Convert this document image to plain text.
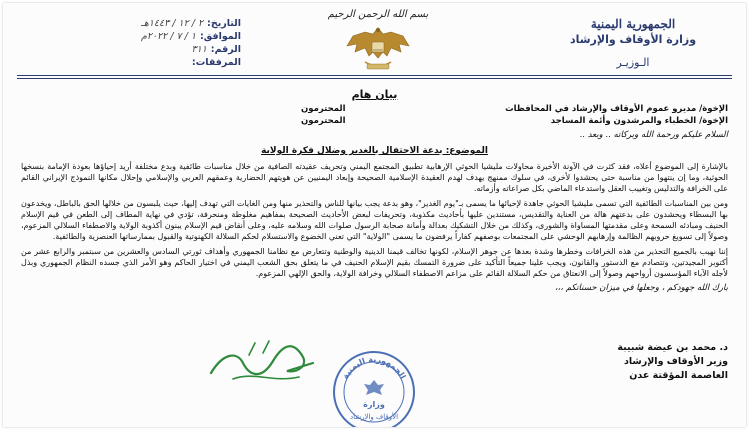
الجمهورية اليمنية
وزارة الأوقاف والإرشاد
الـوزيـر
بسم الله الرحمن الرحيم
التاريخ:
٢ / ١٢ / ١٤٤٣هـ
الموافق:
١ / ٧ / ٢٠٢٢م
الرقم:
٣١١
المرفقات:
بيان هام
الإخوة/ مديرو عموم الأوقاف والإرشاد في المحافظات
المحترمون
الإخوة/ الخطباء والمرشدون وأئمة المساجد
المحترمون
السلام عليكم ورحمة الله وبركاته .. وبعد ..
الموضوع: بدعة الاحتفال بالغدير وضلال فكرة الولاية
بالإشارة إلى الموضوع أعلاه، فقد كثرت في الآونة الأخيرة محاولات مليشيا الحوثي الإرهابية تطبيق المجتمع اليمني وتحريف عقيدته الصافية من خلال مناسبات طائفية وبدع مختلفة أريد إحياؤها بعودة الإمامة بنسخها الحوثية، وما إن ينتهوا من مناسبة حتى يحشدوا لأخرى، في سلوك ممنهج يهدف لهدم العقيدة الإسلامية الصحيحة وإبعاد اليمنيين عن هويتهم الحضارية وعمقهم العربي والإسلامي وإحلال مكانها النموذج الإيراني القائم على الخرافة والتدليس وتغييب العقل واستدعاء الماضي بكل صراعاته وأزماته.
ومن بين المناسبات الطائفية التي تسمى مليشيا الحوثي جاهدة لإحيائها ما يسمى بـ"يوم الغدير"، وهو بدعة يجب بيانها للناس والتحذير منها ومن الغايات التي تهدف إليها، حيث يلبسون من خلالها الحق بالباطل، ويخدعون بها البسطاء ويحشدون على بدعتهم هالة من العناية والتقديس، مستندين عليها بأحاديث مكذوبة، وتحريفات لبعض الأحاديث الصحيحة بمفاهيم مغلوطة ومنحرفة، تؤدي في نهاية المطاف إلى الطعن في قيم الإسلام الحنيف ومبادئه السمحة وعلى مقدمتها المساواة والشورى، وكذلك من خلال التشكيك بعدالة وأمانة صحابة الرسول صلوات الله وسلامه عليه، وعلى أنقاض قيم الإسلام يبنون أكذوبة الولاية والاصطفاء السلالي المزعوم، وصولاً إلى تسويغ حروبهم الظالمة وإرهابهم الوحشي على المجتمعات بوصفهم كفاراً يرفضون ما يسمى "الولاية" التي تعني الخضوع والاستسلام لحكم السلالة الكهنوتية والقبول بممارساتها العنصرية والطائفية.
إننا نهيب بالجميع التحذير من هذه الخرافات وخطرها وشدة بعدها عن جوهر الإسلام، لكونها تخالف قيمنا الدينية والوطنية وتتعارض مع نظامنا الجمهوري وأهداف ثورتي السادس والعشرين من سبتمبر والرابع عشر من أكتوبر المجيدتين، وتتصادم مع الدستور والقانون، ويجب علينا جميعاً التأكيد على ضرورة التمسك بقيم الإسلام الحنيف في ما يتعلق بحق الشعب اليمني في اختيار الحاكم وهو الأمر الذي جسده النظام الجمهوري وبذل لأجله الآباء المؤسسون أرواحهم وصولاً إلى الانعتاق من حكم السلالة القائم على مزاعم الاصطفاء السلالي وخرافة الولاية، والحق الإلهي المزعوم.
بارك الله جهودكم ، وجعلها في ميزان حسناتكم ،،،
د. محمد بن عيضة شبيبة
وزير الأوقاف والإرشاد
العاصمة المؤقتة عدن
الجمهورية اليمنية
وزارة
الأوقاف والإرشاد
